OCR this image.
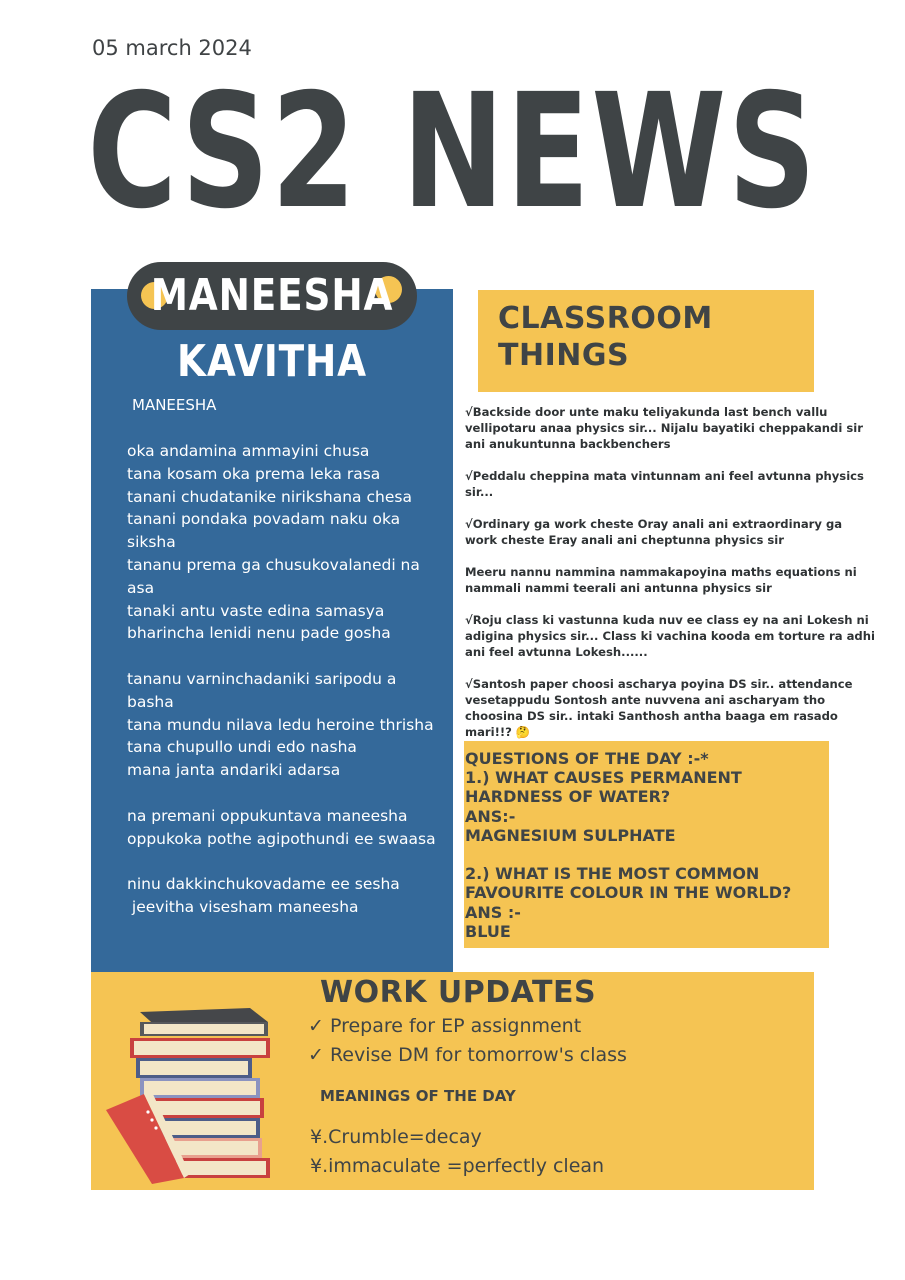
05 march 2024
CS2 NEWS
MANEESHA
KAVITHA
MANEESHA
oka andamina ammayini chusa
tana kosam oka prema leka rasa
tanani chudatanike nirikshana chesa
tanani pondaka povadam naku oka siksha
tananu prema ga chusukovalanedi na asa
tanaki antu vaste edina samasya bharincha lenidi nenu pade gosha
tananu varninchadaniki saripodu a basha
tana mundu nilava ledu heroine thrisha
tana chupullo undi edo nasha
mana janta andariki adarsa
na premani oppukuntava maneesha
oppukoka pothe agipothundi ee swaasa
ninu dakkinchukovadame ee sesha
jeevitha visesham maneesha
CLASSROOM THINGS
√Backside door unte maku teliyakunda last bench vallu vellipotaru anaa physics sir... Nijalu bayatiki cheppakandi sir ani anukuntunna backbenchers
√Peddalu cheppina mata vintunnam ani feel avtunna physics sir...
√Ordinary ga work cheste Oray anali ani extraordinary ga work cheste Eray anali ani cheptunna physics sir
Meeru nannu nammina nammakapoyina maths equations ni nammali nammi teerali ani antunna physics sir
√Roju class ki vastunna kuda nuv ee class ey na ani Lokesh ni adigina physics sir... Class ki vachina kooda em torture ra adhi ani feel avtunna Lokesh......
√Santosh paper choosi ascharya poyina DS sir.. attendance vesetappudu Sontosh ante nuvvena ani ascharyam tho choosina DS sir.. intaki Santhosh antha baaga em rasado mari!!? 🤔
QUESTIONS OF THE DAY :-*
1.) WHAT CAUSES PERMANENT HARDNESS OF WATER?
ANS:-
MAGNESIUM SULPHATE
2.) WHAT IS THE MOST COMMON FAVOURITE COLOUR IN THE WORLD?
ANS :-
BLUE
WORK UPDATES
✓ Prepare for EP assignment
✓ Revise DM for tomorrow's class
MEANINGS OF THE DAY
¥.Crumble=decay
¥.immaculate =perfectly clean
